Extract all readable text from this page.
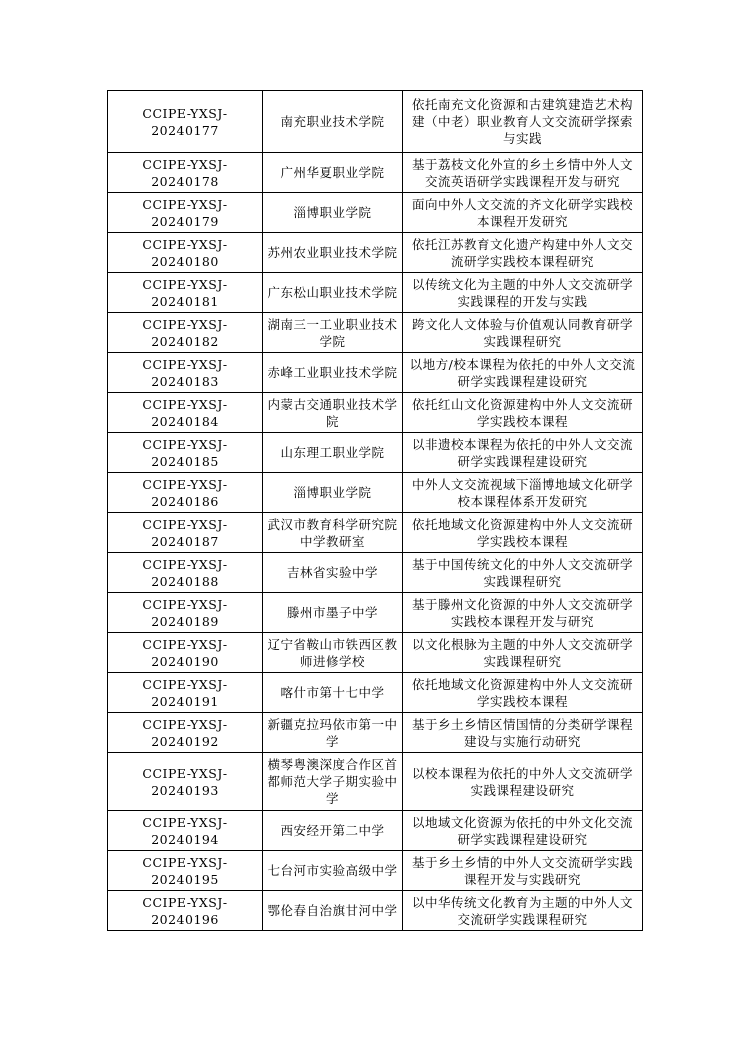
CCIPE-YXSJ-20240177	南充职业技术学院	依托南充文化资源和古建筑建造艺术构建（中老）职业教育人文交流研学探索与实践
CCIPE-YXSJ-20240178	广州华夏职业学院	基于荔枝文化外宣的乡土乡情中外人文交流英语研学实践课程开发与研究
CCIPE-YXSJ-20240179	淄博职业学院	面向中外人文交流的齐文化研学实践校本课程开发研究
CCIPE-YXSJ-20240180	苏州农业职业技术学院	依托江苏教育文化遗产构建中外人文交流研学实践校本课程研究
CCIPE-YXSJ-20240181	广东松山职业技术学院	以传统文化为主题的中外人文交流研学实践课程的开发与实践
CCIPE-YXSJ-20240182	湖南三一工业职业技术学院	跨文化人文体验与价值观认同教育研学实践课程研究
CCIPE-YXSJ-20240183	赤峰工业职业技术学院	以地方/校本课程为依托的中外人文交流研学实践课程建设研究
CCIPE-YXSJ-20240184	内蒙古交通职业技术学院	依托红山文化资源建构中外人文交流研学实践校本课程
CCIPE-YXSJ-20240185	山东理工职业学院	以非遗校本课程为依托的中外人文交流研学实践课程建设研究
CCIPE-YXSJ-20240186	淄博职业学院	中外人文交流视域下淄博地域文化研学校本课程体系开发研究
CCIPE-YXSJ-20240187	武汉市教育科学研究院中学教研室	依托地域文化资源建构中外人文交流研学实践校本课程
CCIPE-YXSJ-20240188	吉林省实验中学	基于中国传统文化的中外人文交流研学实践课程研究
CCIPE-YXSJ-20240189	滕州市墨子中学	基于滕州文化资源的中外人文交流研学实践校本课程开发与研究
CCIPE-YXSJ-20240190	辽宁省鞍山市铁西区教师进修学校	以文化根脉为主题的中外人文交流研学实践课程研究
CCIPE-YXSJ-20240191	喀什市第十七中学	依托地域文化资源建构中外人文交流研学实践校本课程
CCIPE-YXSJ-20240192	新疆克拉玛依市第一中学	基于乡土乡情区情国情的分类研学课程建设与实施行动研究
CCIPE-YXSJ-20240193	横琴粤澳深度合作区首都师范大学子期实验中学	以校本课程为依托的中外人文交流研学实践课程建设研究
CCIPE-YXSJ-20240194	西安经开第二中学	以地域文化资源为依托的中外文化交流研学实践课程建设研究
CCIPE-YXSJ-20240195	七台河市实验高级中学	基于乡土乡情的中外人文交流研学实践课程开发与实践研究
CCIPE-YXSJ-20240196	鄂伦春自治旗甘河中学	以中华传统文化教育为主题的中外人文交流研学实践课程研究
